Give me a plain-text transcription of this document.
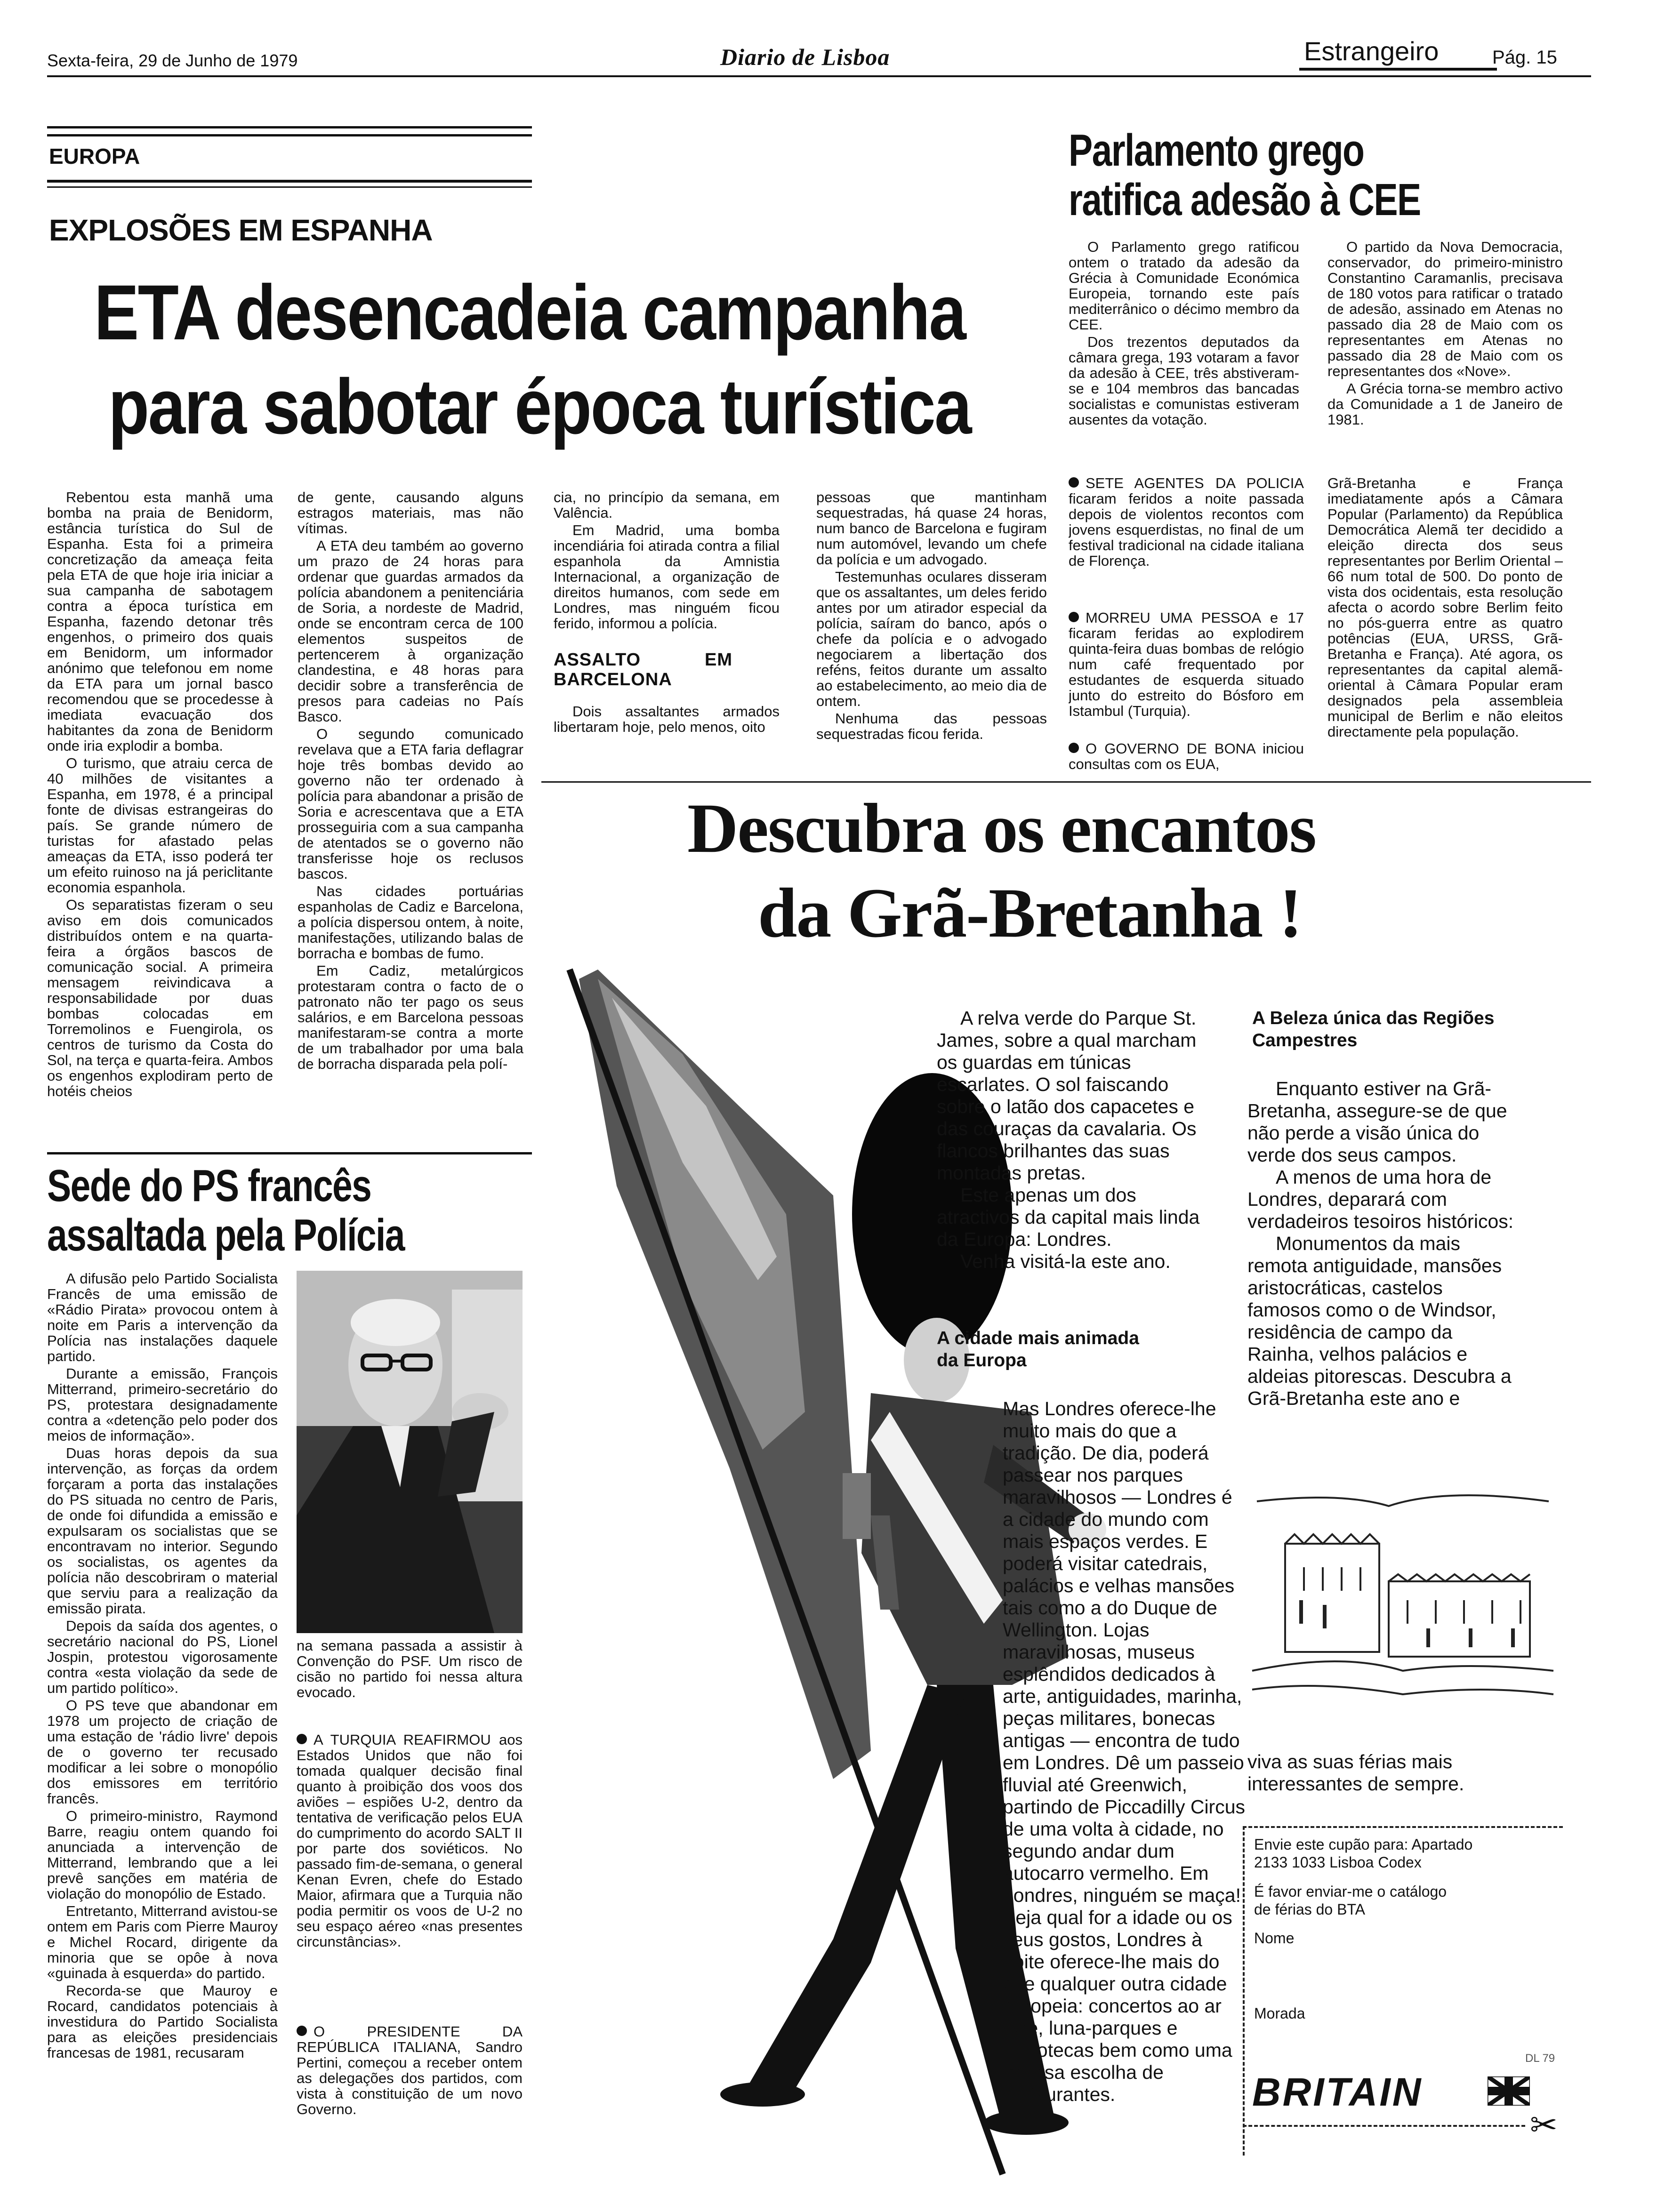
Sexta-feira, 29 de Junho de 1979	Diario de Lisboa	Estrangeiro	Pág. 15
EUROPA
EXPLOSÕES EM ESPANHA
ETA desencadeia campanha
para sabotar época turística

Rebentou esta manhã uma bomba na praia de Benidorm, estância turística do Sul de Espanha. Esta foi a primeira concretização da ameaça feita pela ETA de que hoje iria iniciar a sua campanha de sabotagem contra a época turística em Espanha, fazendo detonar três engenhos, o primeiro dos quais em Benidorm, um informador anónimo que telefonou em nome da ETA para um jornal basco recomendou que se procedesse à imediata evacuação dos habitantes da zona de Benidorm onde iria explodir a bomba.

O turismo, que atraiu cerca de 40 milhões de visitantes a Espanha, em 1978, é a principal fonte de divisas estrangeiras do país. Se grande número de turistas for afastado pelas ameaças da ETA, isso poderá ter um efeito ruinoso na já periclitante economia espanhola.

Os separatistas fizeram o seu aviso em dois comunicados distribuídos ontem e na quarta-feira a órgãos bascos de comunicação social. A primeira mensagem reivindicava a responsabilidade por duas bombas colocadas em Torremolinos e Fuengirola, os centros de turismo da Costa do Sol, na terça e quarta-feira. Ambos os engenhos explodiram perto de hotéis cheios

de gente, causando alguns estragos materiais, mas não vítimas.

A ETA deu também ao governo um prazo de 24 horas para ordenar que guardas armados da polícia abandonem a penitenciária de Soria, a nordeste de Madrid, onde se encontram cerca de 100 elementos suspeitos de pertencerem à organização clandestina, e 48 horas para decidir sobre a transferência de presos para cadeias no País Basco.

O segundo comunicado revelava que a ETA faria deflagrar hoje três bombas devido ao governo não ter ordenado à polícia para abandonar a prisão de Soria e acrescentava que a ETA prosseguiria com a sua campanha de atentados se o governo não transferisse hoje os reclusos bascos.

Nas cidades portuárias espanholas de Cadiz e Barcelona, a polícia dispersou ontem, à noite, manifestações, utilizando balas de borracha e bombas de fumo.

Em Cadiz, metalúrgicos protestaram contra o facto de o patronato não ter pago os seus salários, e em Barcelona pessoas manifestaram-se contra a morte de um trabalhador por uma bala de borracha disparada pela polí-

cia, no princípio da semana, em Valência.

Em Madrid, uma bomba incendiária foi atirada contra a filial espanhola da Amnistia Internacional, a organização de direitos humanos, com sede em Londres, mas ninguém ficou ferido, informou a polícia.

ASSALTO EM BARCELONA

Dois assaltantes armados libertaram hoje, pelo menos, oito

pessoas que mantinham sequestradas, há quase 24 horas, num banco de Barcelona e fugiram num automóvel, levando um chefe da polícia e um advogado.

Testemunhas oculares disseram que os assaltantes, um deles ferido antes por um atirador especial da polícia, saíram do banco, após o chefe da polícia e o advogado negociarem a libertação dos reféns, feitos durante um assalto ao estabelecimento, ao meio dia de ontem.

Nenhuma das pessoas sequestradas ficou ferida.

Parlamento grego
ratifica adesão à CEE

O Parlamento grego ratificou ontem o tratado da adesão da Grécia à Comunidade Económica Europeia, tornando este país mediterrânico o décimo membro da CEE.

Dos trezentos deputados da câmara grega, 193 votaram a favor da adesão à CEE, três abstiveram-se e 104 membros das bancadas socialistas e comunistas estiveram ausentes da votação.

O partido da Nova Democracia, conservador, do primeiro-ministro Constantino Caramanlis, precisava de 180 votos para ratificar o tratado de adesão, assinado em Atenas no passado dia 28 de Maio com os representantes em Atenas no passado dia 28 de Maio com os representantes dos «Nove».

A Grécia torna-se membro activo da Comunidade a 1 de Janeiro de 1981.

SETE AGENTES DA POLICIA ficaram feridos a noite passada depois de violentos recontos com jovens esquerdistas, no final de um festival tradicional na cidade italiana de Florença.
MORREU UMA PESSOA e 17 ficaram feridas ao explodirem quinta-feira duas bombas de relógio num café frequentado por estudantes de esquerda situado junto do estreito do Bósforo em Istambul (Turquia).
O GOVERNO DE BONA iniciou consultas com os EUA,

Grã-Bretanha e França imediatamente após a Câmara Popular (Parlamento) da República Democrática Alemã ter decidido a eleição directa dos seus representantes por Berlim Oriental – 66 num total de 500. Do ponto de vista dos ocidentais, esta resolução afecta o acordo sobre Berlim feito no pós-guerra entre as quatro potências (EUA, URSS, Grã-Bretanha e França). Até agora, os representantes da capital alemã-oriental à Câmara Popular eram designados pela assembleia municipal de Berlim e não eleitos directamente pela população.

Sede do PS francês
assaltada pela Polícia

A difusão pelo Partido Socialista Francês de uma emissão de «Rádio Pirata» provocou ontem à noite em Paris a intervenção da Polícia nas instalações daquele partido.

Durante a emissão, François Mitterrand, primeiro-secretário do PS, protestara designadamente contra a «detenção pelo poder dos meios de informação».

Duas horas depois da sua intervenção, as forças da ordem forçaram a porta das instalações do PS situada no centro de Paris, de onde foi difundida a emissão e expulsaram os socialistas que se encontravam no interior. Segundo os socialistas, os agentes da polícia não descobriram o material que serviu para a realização da emissão pirata.

Depois da saída dos agentes, o secretário nacional do PS, Lionel Jospin, protestou vigorosamente contra «esta violação da sede de um partido político».

O PS teve que abandonar em 1978 um projecto de criação de uma estação de 'rádio livre' depois de o governo ter recusado modificar a lei sobre o monopólio dos emissores em território francês.

O primeiro-ministro, Raymond Barre, reagiu ontem quando foi anunciada a intervenção de Mitterrand, lembrando que a lei prevê sanções em matéria de violação do monopólio de Estado.

Entretanto, Mitterrand avistou-se ontem em Paris com Pierre Mauroy e Michel Rocard, dirigente da minoria que se opôe à nova «guinada à esquerda» do partido.

Recorda-se que Mauroy e Rocard, candidatos potenciais à investidura do Partido Socialista para as eleições presidenciais francesas de 1981, recusaram

na semana passada a assistir à Convenção do PSF. Um risco de cisão no partido foi nessa altura evocado.

A TURQUIA REAFIRMOU aos Estados Unidos que não foi tomada qualquer decisão final quanto à proibição dos voos dos aviões – espiões U-2, dentro da tentativa de verificação pelos EUA do cumprimento do acordo SALT II por parte dos soviéticos. No passado fim-de-semana, o general Kenan Evren, chefe do Estado Maior, afirmara que a Turquia não podia permitir os voos de U-2 no seu espaço aéreo «nas presentes circunstâncias».
O PRESIDENTE DA REPÚBLICA ITALIANA, Sandro Pertini, começou a receber ontem as delegações dos partidos, com vista à constituição de um novo Governo.
Descubra os encantos
da Grã-Bretanha !

A relva verde do Parque St. James, sobre a qual marcham os guardas em túnicas escarlates. O sol faiscando sobre o latão dos capacetes e das couraças da cavalaria. Os flancos brilhantes das suas montadas pretas.

Este apenas um dos atractivos da capital mais linda da Europa: Londres.

Venha visitá-la este ano.

A cidade mais animada da Europa

Mas Londres oferece-lhe muito mais do que a tradição. De dia, poderá passear nos parques maravilhosos — Londres é a cidade do mundo com mais espaços verdes. E poderá visitar catedrais, palácios e velhas mansões tais como a do Duque de Wellington. Lojas maravilhosas, museus esplêndidos dedicados à arte, antiguidades, marinha, peças militares, bonecas antigas — encontra de tudo em Londres. Dê um passeio fluvial até Greenwich, partindo de Piccadilly Circus de uma volta à cidade, no segundo andar dum autocarro vermelho. Em Londres, ninguém se maça! Seja qual for a idade ou os seus gostos, Londres à noite oferece-lhe mais do que qualquer outra cidade europeia: concertos ao ar livre, luna-parques e discotecas bem como uma imensa escolha de restaurantes.

A Beleza única das Regiões Campestres

Enquanto estiver na Grã-Bretanha, assegure-se de que não perde a visão única do verde dos seus campos.

A menos de uma hora de Londres, deparará com verdadeiros tesoiros históricos:

Monumentos da mais remota antiguidade, mansões aristocráticas, castelos famosos como o de Windsor, residência de campo da Rainha, velhos palácios e aldeias pitorescas. Descubra a Grã-Bretanha este ano e

viva as suas férias mais interessantes de sempre.
Envie este cupão para: Apartado 2133 1033 Lisboa Codex
É favor enviar-me o catálogo de férias do BTA
Nome
Morada
DL 79
BRITAIN
✂
